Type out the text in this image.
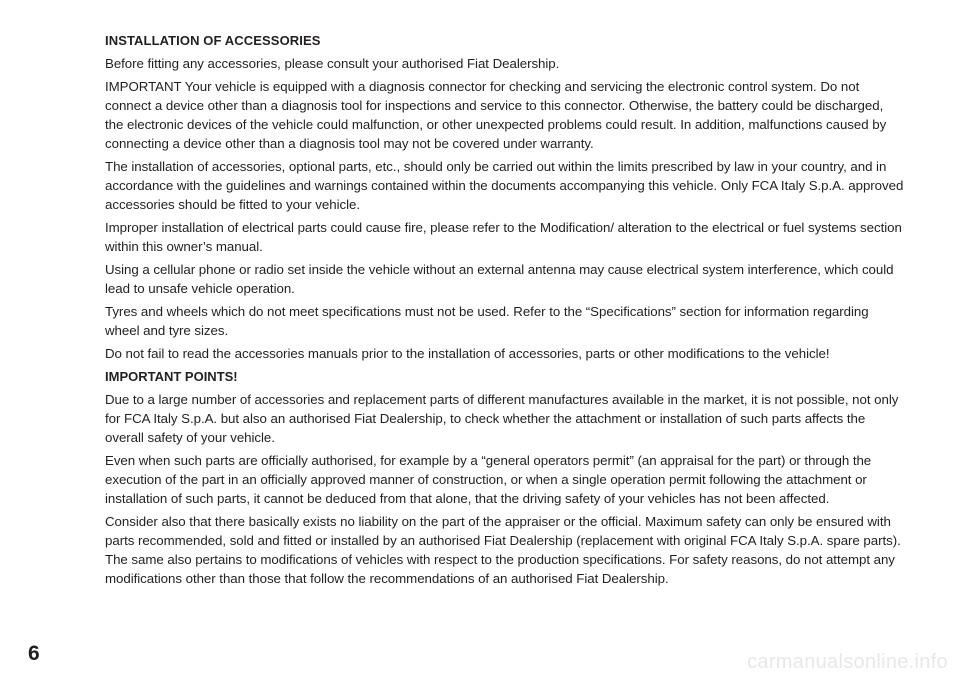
INSTALLATION OF ACCESSORIES

Before fitting any accessories, please consult your authorised Fiat Dealership.

IMPORTANT Your vehicle is equipped with a diagnosis connector for checking and servicing the electronic control system. Do not connect a device other than a diagnosis tool for inspections and service to this connector. Otherwise, the battery could be discharged, the electronic devices of the vehicle could malfunction, or other unexpected problems could result. In addition, malfunctions caused by connecting a device other than a diagnosis tool may not be covered under warranty.

The installation of accessories, optional parts, etc., should only be carried out within the limits prescribed by law in your country, and in accordance with the guidelines and warnings contained within the documents accompanying this vehicle. Only FCA Italy S.p.A. approved accessories should be fitted to your vehicle.

Improper installation of electrical parts could cause fire, please refer to the Modification/ alteration to the electrical or fuel systems section within this owner’s manual.

Using a cellular phone or radio set inside the vehicle without an external antenna may cause electrical system interference, which could lead to unsafe vehicle operation.

Tyres and wheels which do not meet specifications must not be used. Refer to the “Specifications” section for information regarding wheel and tyre sizes.

Do not fail to read the accessories manuals prior to the installation of accessories, parts or other modifications to the vehicle!

IMPORTANT POINTS!

Due to a large number of accessories and replacement parts of different manufactures available in the market, it is not possible, not only for FCA Italy S.p.A. but also an authorised Fiat Dealership, to check whether the attachment or installation of such parts affects the overall safety of your vehicle.

Even when such parts are officially authorised, for example by a “general operators permit” (an appraisal for the part) or through the execution of the part in an officially approved manner of construction, or when a single operation permit following the attachment or installation of such parts, it cannot be deduced from that alone, that the driving safety of your vehicles has not been affected.

Consider also that there basically exists no liability on the part of the appraiser or the official. Maximum safety can only be ensured with parts recommended, sold and fitted or installed by an authorised Fiat Dealership (replacement with original FCA Italy S.p.A. spare parts). The same also pertains to modifications of vehicles with respect to the production specifications. For safety reasons, do not attempt any modifications other than those that follow the recommendations of an authorised Fiat Dealership.

6	carmanualsonline.info
